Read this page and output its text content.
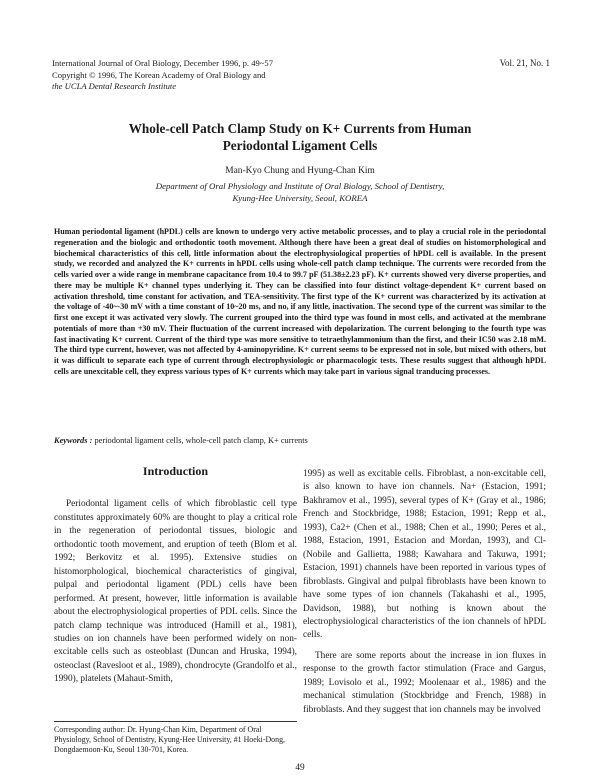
International Journal of Oral Biology, December 1996, p. 49~57
Copyright © 1996, The Korean Academy of Oral Biology and
the UCLA Dental Research Institute
Vol. 21, No. 1
Whole-cell Patch Clamp Study on K+ Currents from Human
Periodontal Ligament Cells
Man-Kyo Chung and Hyung-Chan Kim
Department of Oral Physiology and Institute of Oral Biology, School of Dentistry,
Kyung-Hee University, Seoul, KOREA
Human periodontal ligament (hPDL) cells are known to undergo very active metabolic processes, and to play a crucial role in the periodontal regeneration and the biologic and orthodontic tooth movement. Although there have been a great deal of studies on histomorphological and biochemical characteristics of this cell, little information about the electrophysiological properties of hPDL cell is available. In the present study, we recorded and analyzed the K+ currents in hPDL cells using whole-cell patch clamp technique. The currents were recorded from the cells varied over a wide range in membrane capacitance from 10.4 to 99.7 pF (51.38±2.23 pF). K+ currents showed very diverse properties, and there may be multiple K+ channel types underlying it. They can be classified into four distinct voltage-dependent K+ current based on activation threshold, time constant for activation, and TEA-sensitivity. The first type of the K+ current was characterized by its activation at the voltage of -40~-30 mV with a time constant of 10~20 ms, and no, if any little, inactivation. The second type of the current was similar to the first one except it was activated very slowly. The current grouped into the third type was found in most cells, and activated at the membrane potentials of more than +30 mV. Their fluctuation of the current increased with depolarization. The current belonging to the fourth type was fast inactivating K+ current. Current of the third type was more sensitive to tetraethylammonium than the first, and their IC50 was 2.18 mM. The third type current, however, was not affected by 4-aminopyridine. K+ current seems to be expressed not in sole, but mixed with others, but it was difficult to separate each type of current through electrophysiologic or pharmacologic tests. These results suggest that although hPDL cells are unexcitable cell, they express various types of K+ currents which may take part in various signal tranducing processes.
Keywords : periodontal ligament cells, whole-cell patch clamp, K+ currents
Introduction

Periodontal ligament cells of which fibroblastic cell type constitutes approximately 60% are thought to play a critical role in the regeneration of periodontal tissues, biologic and orthodontic tooth movement, and eruption of teeth (Blom et al. 1992; Berkovitz et al. 1995). Extensive studies on histomorphological, biochemical characteristics of gingival, pulpal and periodontal ligament (PDL) cells have been performed. At present, however, little information is available about the electrophysiological properties of PDL cells. Since the patch clamp technique was introduced (Hamill et al., 1981), studies on ion channels have been performed widely on non-excitable cells such as osteoblast (Duncan and Hruska, 1994), osteoclast (Ravesloot et al., 1989), chondrocyte (Grandolfo et al., 1990), platelets (Mahaut-Smith,

1995) as well as excitable cells. Fibroblast, a non-excitable cell, is also known to have ion channels. Na+ (Estacion, 1991; Bakhramov et al., 1995), several types of K+ (Gray et al., 1986; French and Stockbridge, 1988; Estacion, 1991; Repp et al., 1993), Ca2+ (Chen et al., 1988; Chen et al., 1990; Peres et al., 1988, Estacion, 1991, Estacion and Mordan, 1993), and Cl-(Nobile and Gallietta, 1988; Kawahara and Takuwa, 1991; Estacion, 1991) channels have been reported in various types of fibroblasts. Gingival and pulpal fibroblasts have been known to have some types of ion channels (Takahashi et al., 1995, Davidson, 1988), but nothing is known about the electrophysiological characteristics of the ion channels of hPDL cells.

There are some reports about the increase in ion fluxes in response to the growth factor stimulation (Frace and Gargus, 1989; Lovisolo et al., 1992; Moolenaar et al., 1986) and the mechanical stimulation (Stockbridge and French, 1988) in fibroblasts. And they suggest that ion channels may be involved

Corresponding author: Dr. Hyung-Chan Kim, Department of Oral Physiology, School of Dentistry, Kyung-Hee University, #1 Hoeki-Dong, Dongdaemoon-Ku, Seoul 130-701, Korea.
49
